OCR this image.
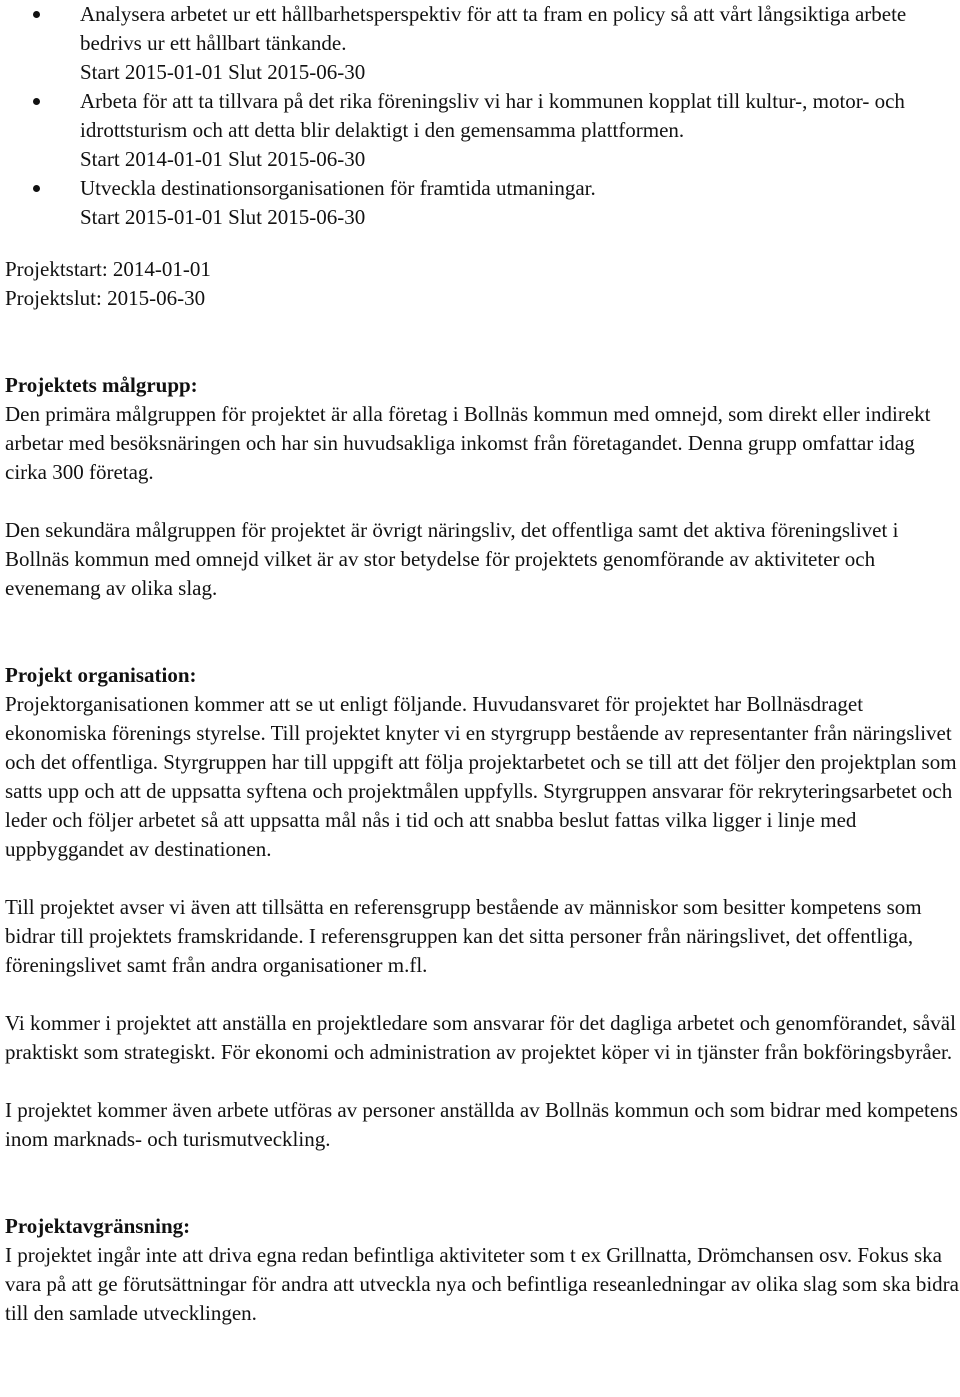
Analysera arbetet ur ett hållbarhetsperspektiv för att ta fram en policy så att vårt långsiktiga arbete bedrivs ur ett hållbart tänkande.
Start 2015-01-01 Slut 2015-06-30
Arbeta för att ta tillvara på det rika föreningsliv vi har i kommunen kopplat till kultur-, motor- och idrottsturism och att detta blir delaktigt i den gemensamma plattformen.
Start 2014-01-01 Slut 2015-06-30
Utveckla destinationsorganisationen för framtida utmaningar.
Start 2015-01-01 Slut 2015-06-30

Projektstart: 2014-01-01

Projektslut: 2015-06-30

Projektets målgrupp:

Den primära målgruppen för projektet är alla företag i Bollnäs kommun med omnejd, som direkt eller indirekt arbetar med besöksnäringen och har sin huvudsakliga inkomst från företagandet. Denna grupp omfattar idag cirka 300 företag.

Den sekundära målgruppen för projektet är övrigt näringsliv, det offentliga samt det aktiva föreningslivet i Bollnäs kommun med omnejd vilket är av stor betydelse för projektets genomförande av aktiviteter och evenemang av olika slag.

Projekt organisation:

Projektorganisationen kommer att se ut enligt följande. Huvudansvaret för projektet har Bollnäsdraget ekonomiska förenings styrelse. Till projektet knyter vi en styrgrupp bestående av representanter från näringslivet och det offentliga. Styrgruppen har till uppgift att följa projektarbetet och se till att det följer den projektplan som satts upp och att de uppsatta syftena och projektmålen uppfylls. Styrgruppen ansvarar för rekryteringsarbetet och leder och följer arbetet så att uppsatta mål nås i tid och att snabba beslut fattas vilka ligger i linje med uppbyggandet av destinationen.

Till projektet avser vi även att tillsätta en referensgrupp bestående av människor som besitter kompetens som bidrar till projektets framskridande. I referensgruppen kan det sitta personer från näringslivet, det offentliga, föreningslivet samt från andra organisationer m.fl.

Vi kommer i projektet att anställa en projektledare som ansvarar för det dagliga arbetet och genomförandet, såväl praktiskt som strategiskt. För ekonomi och administration av projektet köper vi in tjänster från bokföringsbyråer.

I projektet kommer även arbete utföras av personer anställda av Bollnäs kommun och som bidrar med kompetens inom marknads- och turismutveckling.

Projektavgränsning:

I projektet ingår inte att driva egna redan befintliga aktiviteter som t ex Grillnatta, Drömchansen osv. Fokus ska vara på att ge förutsättningar för andra att utveckla nya och befintliga reseanledningar av olika slag som ska bidra till den samlade utvecklingen.
